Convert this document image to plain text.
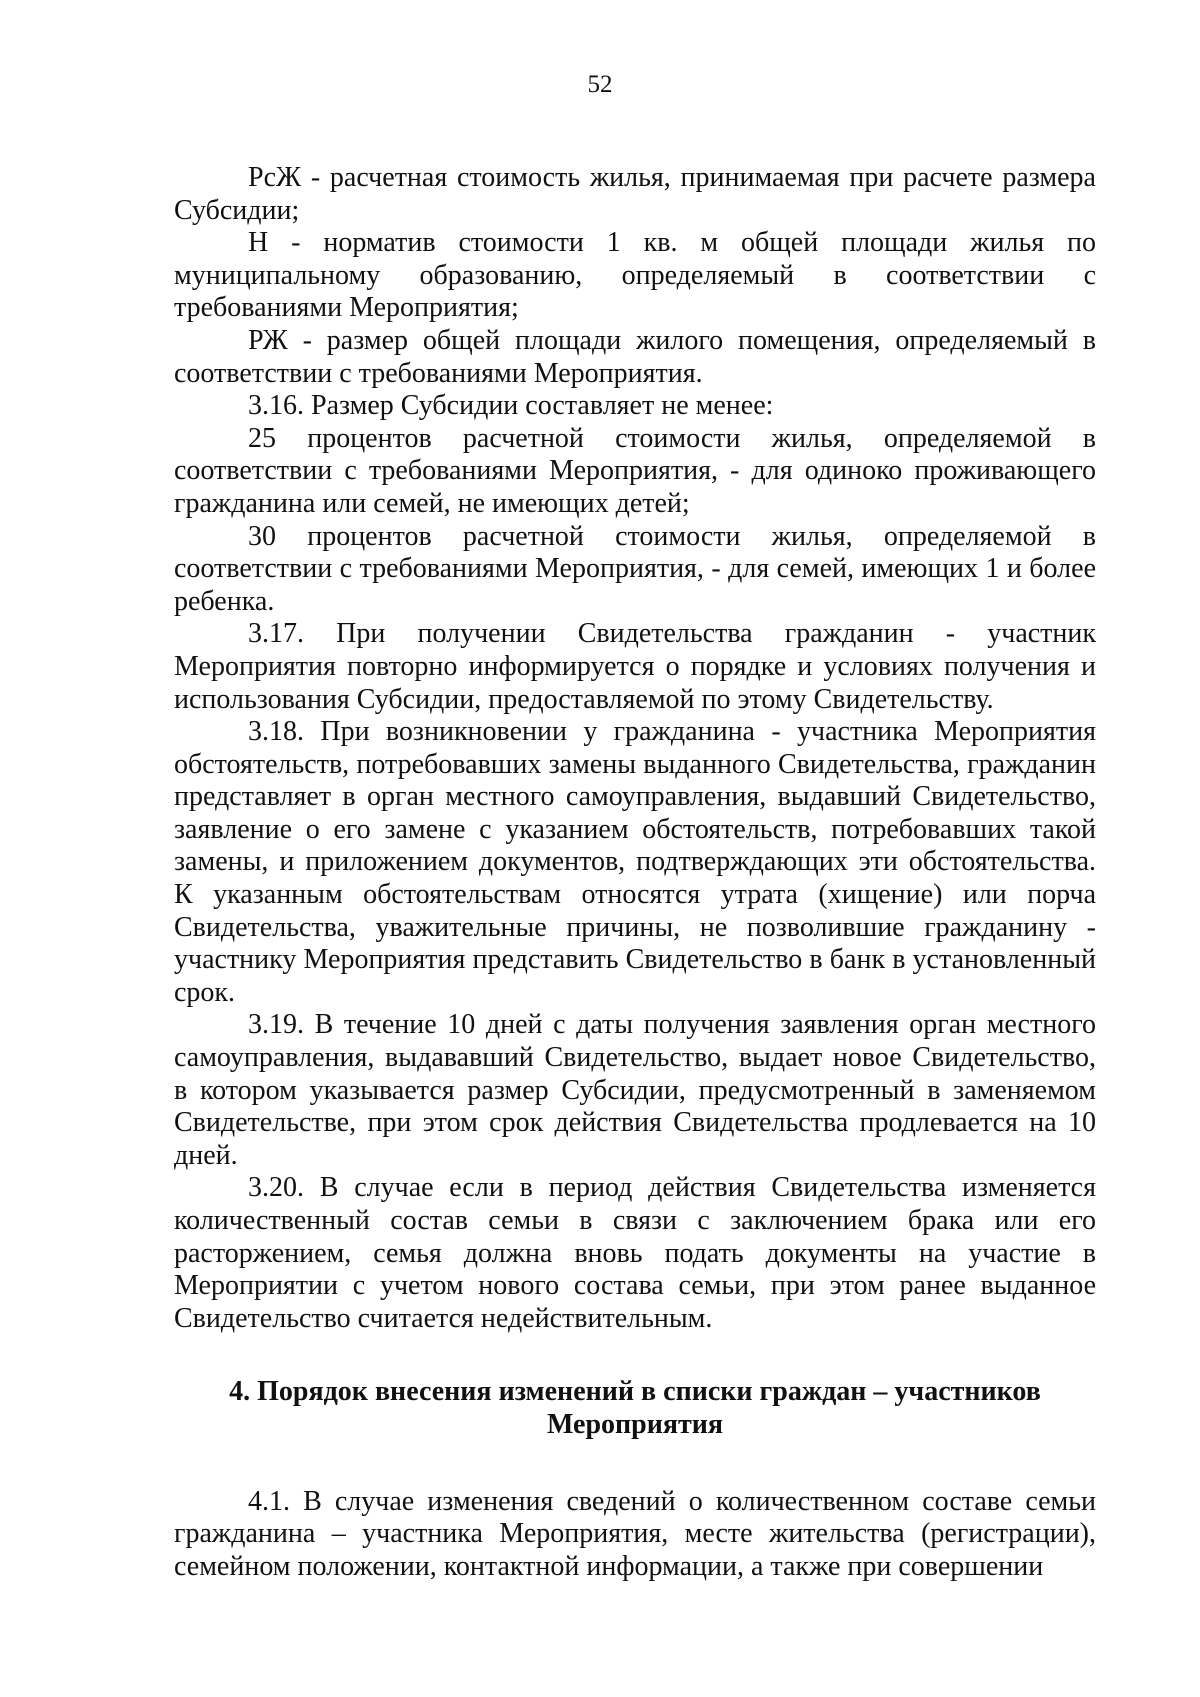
52

РсЖ - расчетная стоимость жилья, принимаемая при расчете размера Субсидии;

Н - норматив стоимости 1 кв. м общей площади жилья по муниципальному образованию, определяемый в соответствии с требованиями Мероприятия;

РЖ - размер общей площади жилого помещения, определяемый в соответствии с требованиями Мероприятия.

3.16. Размер Субсидии составляет не менее:

25 процентов расчетной стоимости жилья, определяемой в соответствии с требованиями Мероприятия, - для одиноко проживающего гражданина или семей, не имеющих детей;

30 процентов расчетной стоимости жилья, определяемой в соответствии с требованиями Мероприятия, - для семей, имеющих 1 и более ребенка.

3.17. При получении Свидетельства гражданин - участник Мероприятия повторно информируется о порядке и условиях получения и использования Субсидии, предоставляемой по этому Свидетельству.

3.18. При возникновении у гражданина - участника Мероприятия обстоятельств, потребовавших замены выданного Свидетельства, гражданин представляет в орган местного самоуправления, выдавший Свидетельство, заявление о его замене с указанием обстоятельств, потребовавших такой замены, и приложением документов, подтверждающих эти обстоятельства. К указанным обстоятельствам относятся утрата (хищение) или порча Свидетельства, уважительные причины, не позволившие гражданину - участнику Мероприятия представить Свидетельство в банк в установленный срок.

3.19. В течение 10 дней с даты получения заявления орган местного самоуправления, выдававший Свидетельство, выдает новое Свидетельство, в котором указывается размер Субсидии, предусмотренный в заменяемом Свидетельстве, при этом срок действия Свидетельства продлевается на 10 дней.

3.20. В случае если в период действия Свидетельства изменяется количественный состав семьи в связи с заключением брака или его расторжением, семья должна вновь подать документы на участие в Мероприятии с учетом нового состава семьи, при этом ранее выданное Свидетельство считается недействительным.

4. Порядок внесения изменений в списки граждан – участников
Мероприятия

4.1. В случае изменения сведений о количественном составе семьи гражданина – участника Мероприятия, месте жительства (регистрации), семейном положении, контактной информации, а также при совершении
